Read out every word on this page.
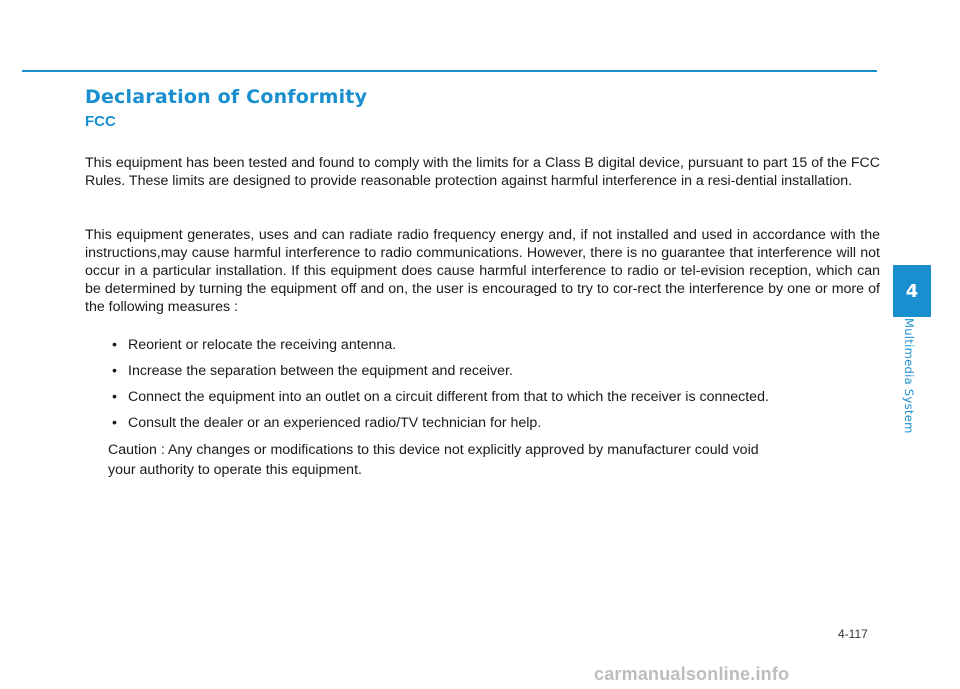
Declaration of Conformity
FCC

This equipment has been tested and found to comply with the limits for a Class B digital device, pursuant to part 15 of the FCC Rules. These limits are designed to provide reasonable protection against harmful interference in a resi-dential installation.

This equipment generates, uses and can radiate radio frequency energy and, if not installed and used in accordance with the instructions,may cause harmful interference to radio communications. However, there is no guarantee that interference will not occur in a particular installation. If this equipment does cause harmful interference to radio or tel-evision reception, which can be determined by turning the equipment off and on, the user is encouraged to try to cor-rect the interference by one or more of the following measures :

• Reorient or relocate the receiving antenna.
• Increase the separation between the equipment and receiver.
• Connect the equipment into an outlet on a circuit different from that to which the receiver is connected.
• Consult the dealer or an experienced radio/TV technician for help.

Caution : Any changes or modifications to this device not explicitly approved by manufacturer could void
your authority to operate this equipment.

4
Multimedia System
4-117
carmanualsonline.info
